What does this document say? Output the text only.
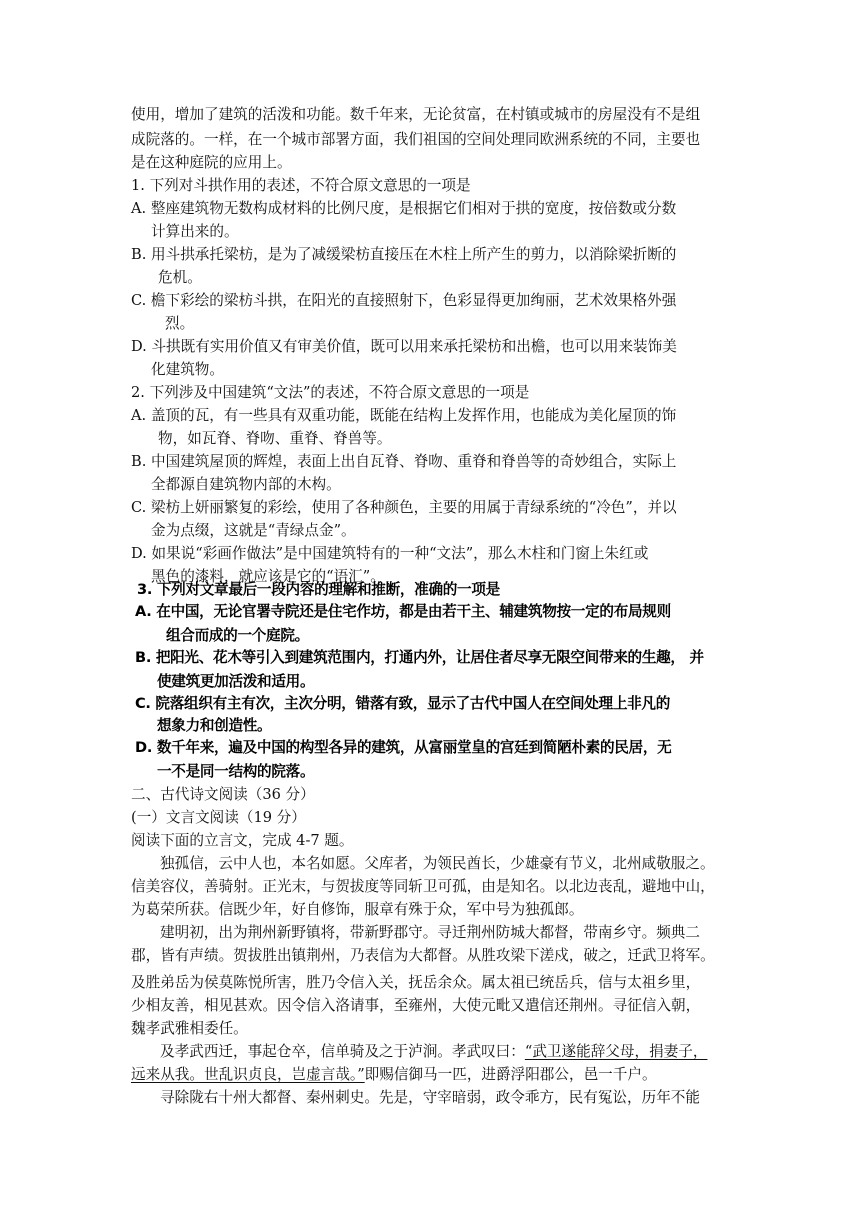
使用，增加了建筑的活泼和功能。数千年来，无论贫富，在村镇或城市的房屋没有不是组
成院落的。一样，在一个城市部署方面，我们祖国的空间处理同欧洲系统的不同，主要也
是在这种庭院的应用上。
1. 下列对斗拱作用的表述，不符合原文意思的一项是
A. 整座建筑物无数构成材料的比例尺度，是根据它们相对于拱的宽度，按倍数或分数
计算出来的。
B. 用斗拱承托梁枋，是为了减缓梁枋直接压在木柱上所产生的剪力，以消除梁折断的
危机。
C. 檐下彩绘的梁枋斗拱，在阳光的直接照射下，色彩显得更加绚丽，艺术效果格外强
烈。
D. 斗拱既有实用价值又有审美价值，既可以用来承托梁枋和出檐，也可以用来装饰美
化建筑物。
2. 下列涉及中国建筑“文法”的表述，不符合原文意思的一项是
A. 盖顶的瓦，有一些具有双重功能，既能在结构上发挥作用，也能成为美化屋顶的饰
物，如瓦脊、脊吻、重脊、脊兽等。
B. 中国建筑屋顶的辉煌，表面上出自瓦脊、脊吻、重脊和脊兽等的奇妙组合，实际上
全都源自建筑物内部的木构。
C. 梁枋上妍丽繁复的彩绘，使用了各种颜色，主要的用属于青绿系统的“冷色”，并以
金为点缀，这就是“青绿点金”。
D. 如果说“彩画作做法”是中国建筑特有的一种“文法”，那么木柱和门窗上朱红或
黑色的漆料，就应该是它的“语汇”。
3. 下列对文章最后一段内容的理解和推断，准确的一项是
A. 在中国，无论官署寺院还是住宅作坊，都是由若干主、辅建筑物按一定的布局规则
组合而成的一个庭院。
B. 把阳光、花木等引入到建筑范围内，打通内外，让居住者尽享无限空间带来的生趣， 并
使建筑更加活泼和适用。
C. 院落组织有主有次，主次分明，错落有致，显示了古代中国人在空间处理上非凡的
想象力和创造性。
D. 数千年来，遍及中国的构型各异的建筑，从富丽堂皇的宫廷到简陋朴素的民居，无
一不是同一结构的院落。
二、古代诗文阅读（36 分）
(一）文言文阅读（19 分）
阅读下面的立言文，完成 4-7 题。
独孤信，云中人也，本名如愿。父库者，为领民酋长，少雄豪有节义，北州咸敬服之。
信美容仪，善骑射。正光末，与贺拔度等同斩卫可孤，由是知名。以北边丧乱，避地中山，
为葛荣所获。信既少年，好自修饰，服章有殊于众，军中号为独孤郎。
建明初，出为荆州新野镇将，带新野郡守。寻迁荆州防城大都督，带南乡守。频典二
郡，皆有声绩。贺拔胜出镇荆州，乃表信为大都督。从胜攻梁下溠戍，破之，迁武卫将军。
及胜弟岳为侯莫陈悦所害，胜乃令信入关，抚岳余众。属太祖已统岳兵，信与太祖乡里，
少相友善，相见甚欢。因令信入洛请事，至雍州，大使元毗又遣信还荆州。寻征信入朝，
魏孝武雅相委任。
及孝武西迁，事起仓卒，信单骑及之于泸涧。孝武叹曰：“武卫遂能辞父母，捐妻子，
远来从我。世乱识贞良，岂虚言哉。”即赐信御马一匹，进爵浮阳郡公，邑一千户。
寻除陇右十州大都督、秦州刺史。先是，守宰暗弱，政令乖方，民有冤讼，历年不能
